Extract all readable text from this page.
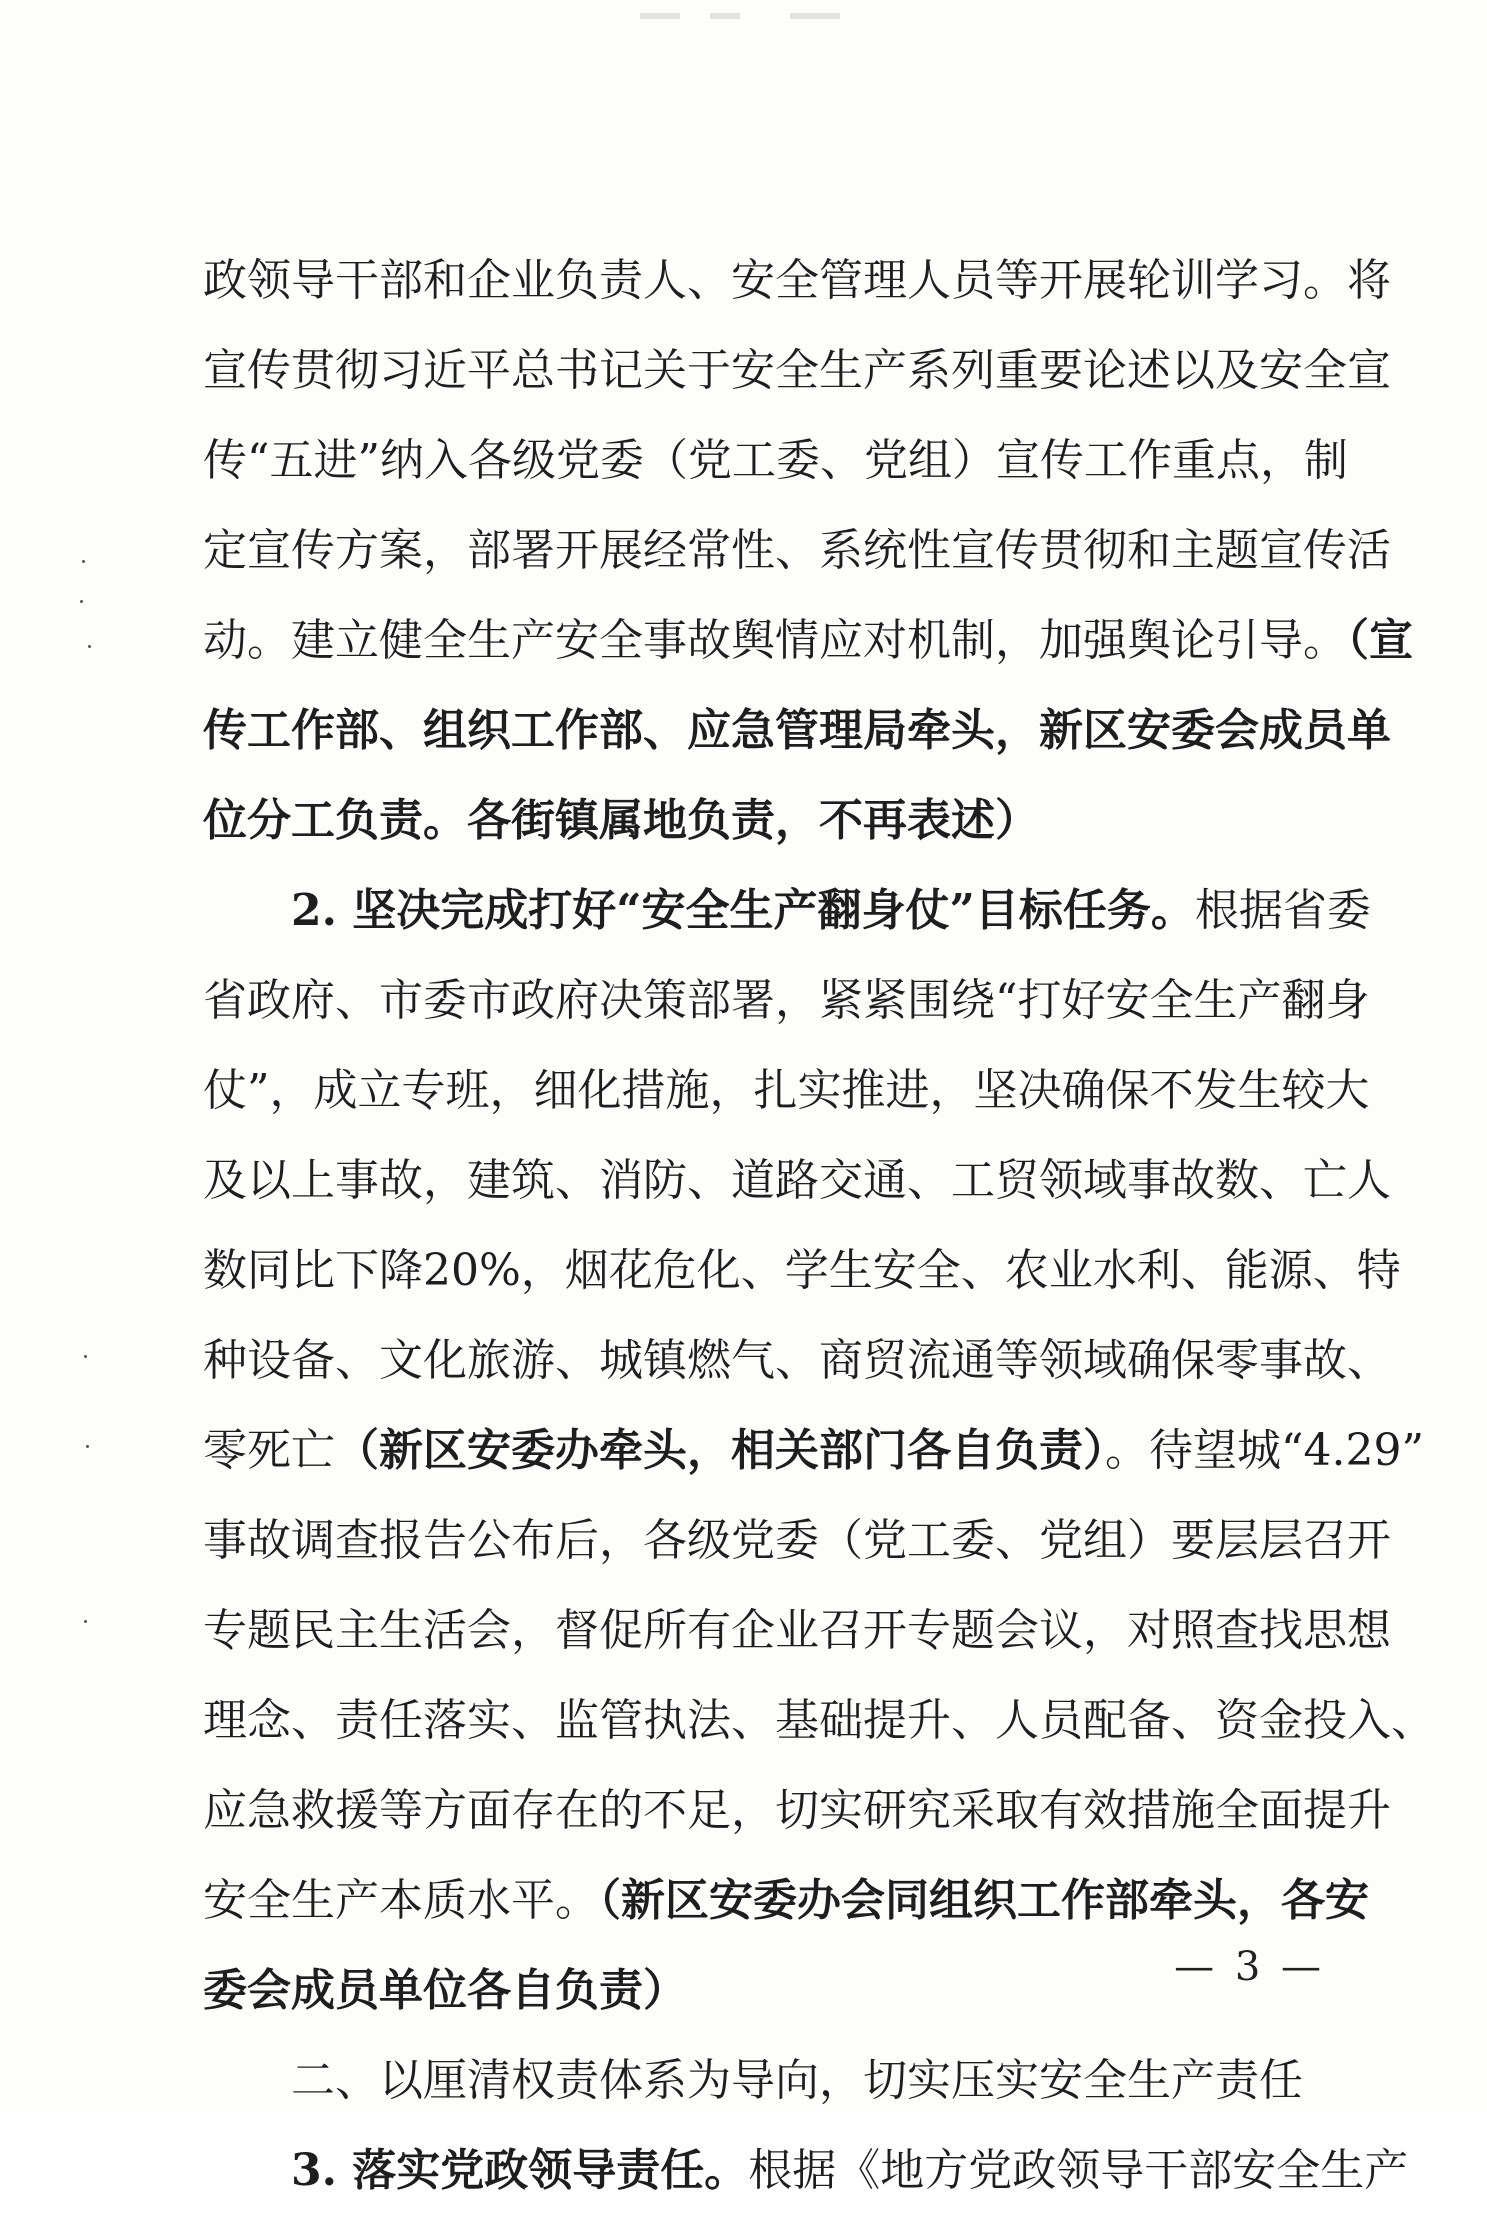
政领导干部和企业负责人、安全管理人员等开展轮训学习。将
宣传贯彻习近平总书记关于安全生产系列重要论述以及安全宣
传“五进”纳入各级党委（党工委、党组）宣传工作重点，制
定宣传方案，部署开展经常性、系统性宣传贯彻和主题宣传活
动。建立健全生产安全事故舆情应对机制，加强舆论引导。（宣
传工作部、组织工作部、应急管理局牵头，新区安委会成员单
位分工负责。各街镇属地负责，不再表述）
2. 坚决完成打好“安全生产翻身仗”目标任务。根据省委
省政府、市委市政府决策部署，紧紧围绕“打好安全生产翻身
仗”，成立专班，细化措施，扎实推进，坚决确保不发生较大
及以上事故，建筑、消防、道路交通、工贸领域事故数、亡人
数同比下降20%，烟花危化、学生安全、农业水利、能源、特
种设备、文化旅游、城镇燃气、商贸流通等领域确保零事故、
零死亡（新区安委办牵头，相关部门各自负责）。待望城“4.29”
事故调查报告公布后，各级党委（党工委、党组）要层层召开
专题民主生活会，督促所有企业召开专题会议，对照查找思想
理念、责任落实、监管执法、基础提升、人员配备、资金投入、
应急救援等方面存在的不足，切实研究采取有效措施全面提升
安全生产本质水平。（新区安委办会同组织工作部牵头，各安
委会成员单位各自负责）
二、以厘清权责体系为导向，切实压实安全生产责任
3. 落实党政领导责任。根据《地方党政领导干部安全生产
— 3 —
